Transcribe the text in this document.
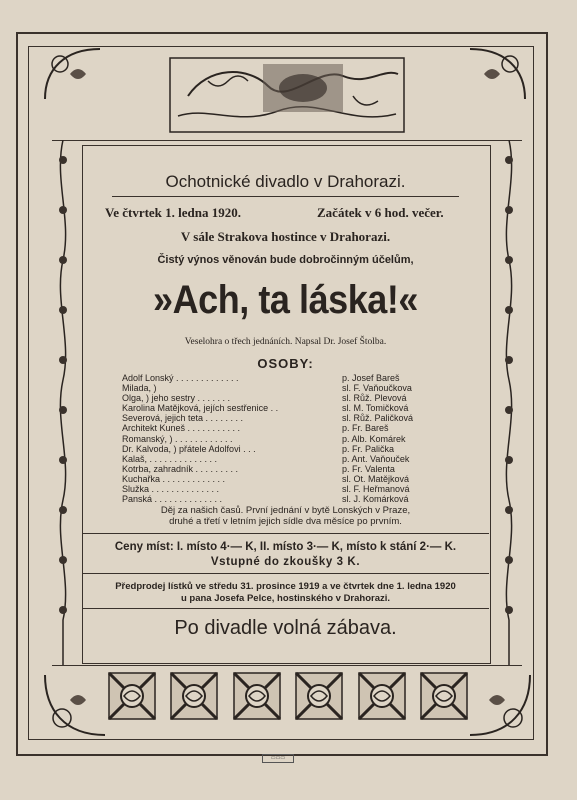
Ochotnické divadlo v Drahorazi.
Ve čtvrtek 1. ledna 1920.	Začátek v 6 hod. večer.
V sále Strakova hostince v Drahorazi.
Čistý výnos věnován bude dobročinným účelům,
»Ach, ta láska!«
Veselohra o třech jednáních. Napsal Dr. Josef Štolba.
OSOBY:
Adolf Lonský . . . . . . . . . . . . .	p. Josef Bareš
Milada, )	sl. F. Vaňoučkova
Olga, ) jeho sestry . . . . . . .	sl. Růž. Plevová
Karolina Matějková, jejích sestřenice . .	sl. M. Tomičková
Severová, jejich teta . . . . . . . .	sl. Růž. Paličková
Architekt Kuneš . . . . . . . . . . .	p. Fr. Bareš
Romanský, ) . . . . . . . . . . . .	p. Alb. Komárek
Dr. Kalvoda, ) přátele Adolfovi . . .	p. Fr. Palička
Kalaš, . . . . . . . . . . . . . .	p. Ant. Vaňouček
Kotrba, zahradník . . . . . . . . .	p. Fr. Valenta
Kuchařka . . . . . . . . . . . . .	sl. Ot. Matějková
Služka . . . . . . . . . . . . . .	sl. F. Heřmanová
Panská . . . . . . . . . . . . . .	sl. J. Komárková
Děj za našich časů. První jednání v bytě Lonských v Praze,
druhé a třetí v letním jejich sídle dva měsíce po prvním.
Ceny míst: I. místo 4·— K, II. místo 3·— K, místo k stání 2·— K.
Vstupné do zkoušky 3 K.
Předprodej lístků ve středu 31. prosince 1919 a ve čtvrtek dne 1. ledna 1920
u pana Josefa Pelce, hostinského v Drahorazi.
Po divadle volná zábava.
▭▭▭
